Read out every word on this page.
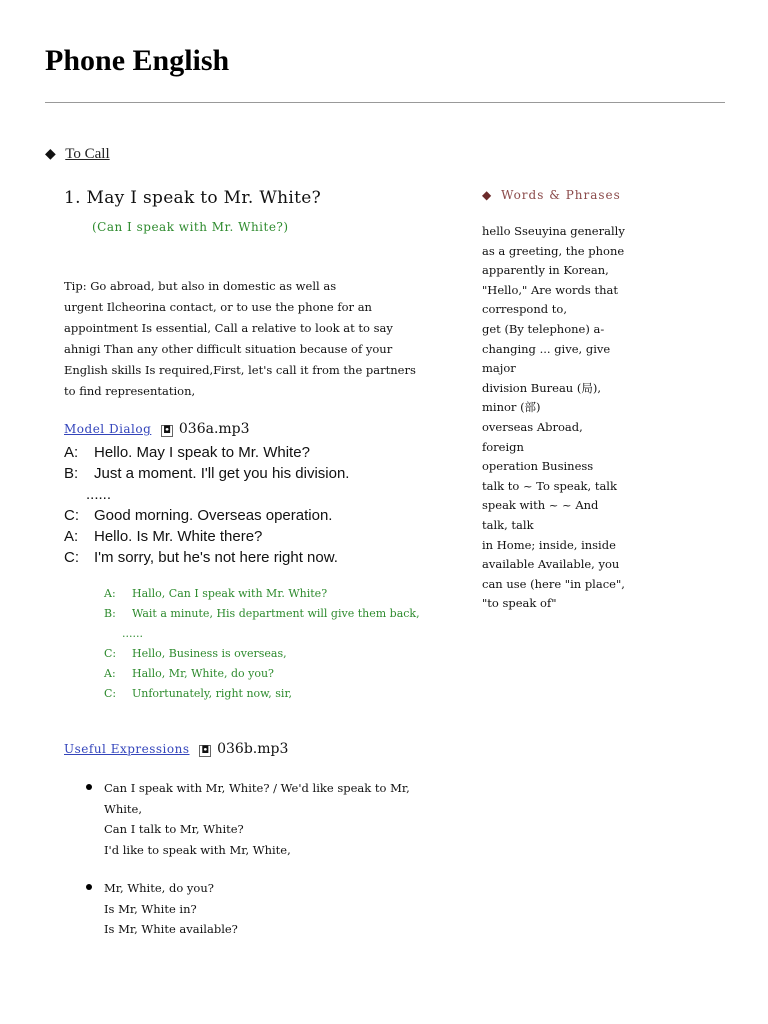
Phone English
◆ To Call
1. May I speak to Mr. White?
(Can I speak with Mr. White?)
Tip: Go abroad, but also in domestic as well as
urgent Ilcheorina contact, or to use the phone for an
appointment Is essential, Call a relative to look at to say
ahnigi Than any other difficult situation because of your
English skills Is required,First, let's call it from the partners
to find representation,
Model Dialog ◘ 036a.mp3
A: Hello. May I speak to Mr. White?
B: Just a moment. I'll get you his division.
......
C: Good morning. Overseas operation.
A: Hello. Is Mr. White there?
C: I'm sorry, but he's not here right now.
A: Hallo, Can I speak with Mr. White?
B: Wait a minute, His department will give them back,
......
C: Hello, Business is overseas,
A: Hallo, Mr, White, do you?
C: Unfortunately, right now, sir,
Useful Expressions ◘ 036b.mp3
Can I speak with Mr, White? / We'd like speak to Mr,
White,
Can I talk to Mr, White?
I'd like to speak with Mr, White,
Mr, White, do you?
Is Mr, White in?
Is Mr, White available?
◆ Words & Phrases
hello Sseuyina generally
as a greeting, the phone
apparently in Korean,
"Hello," Are words that
correspond to,
get (By telephone) a-
changing ... give, give
major
division Bureau (局),
minor (部)
overseas Abroad,
foreign
operation Business
talk to ~ To speak, talk
speak with ~ ~ And
talk, talk
in Home; inside, inside
available Available, you
can use (here "in place",
"to speak of"
